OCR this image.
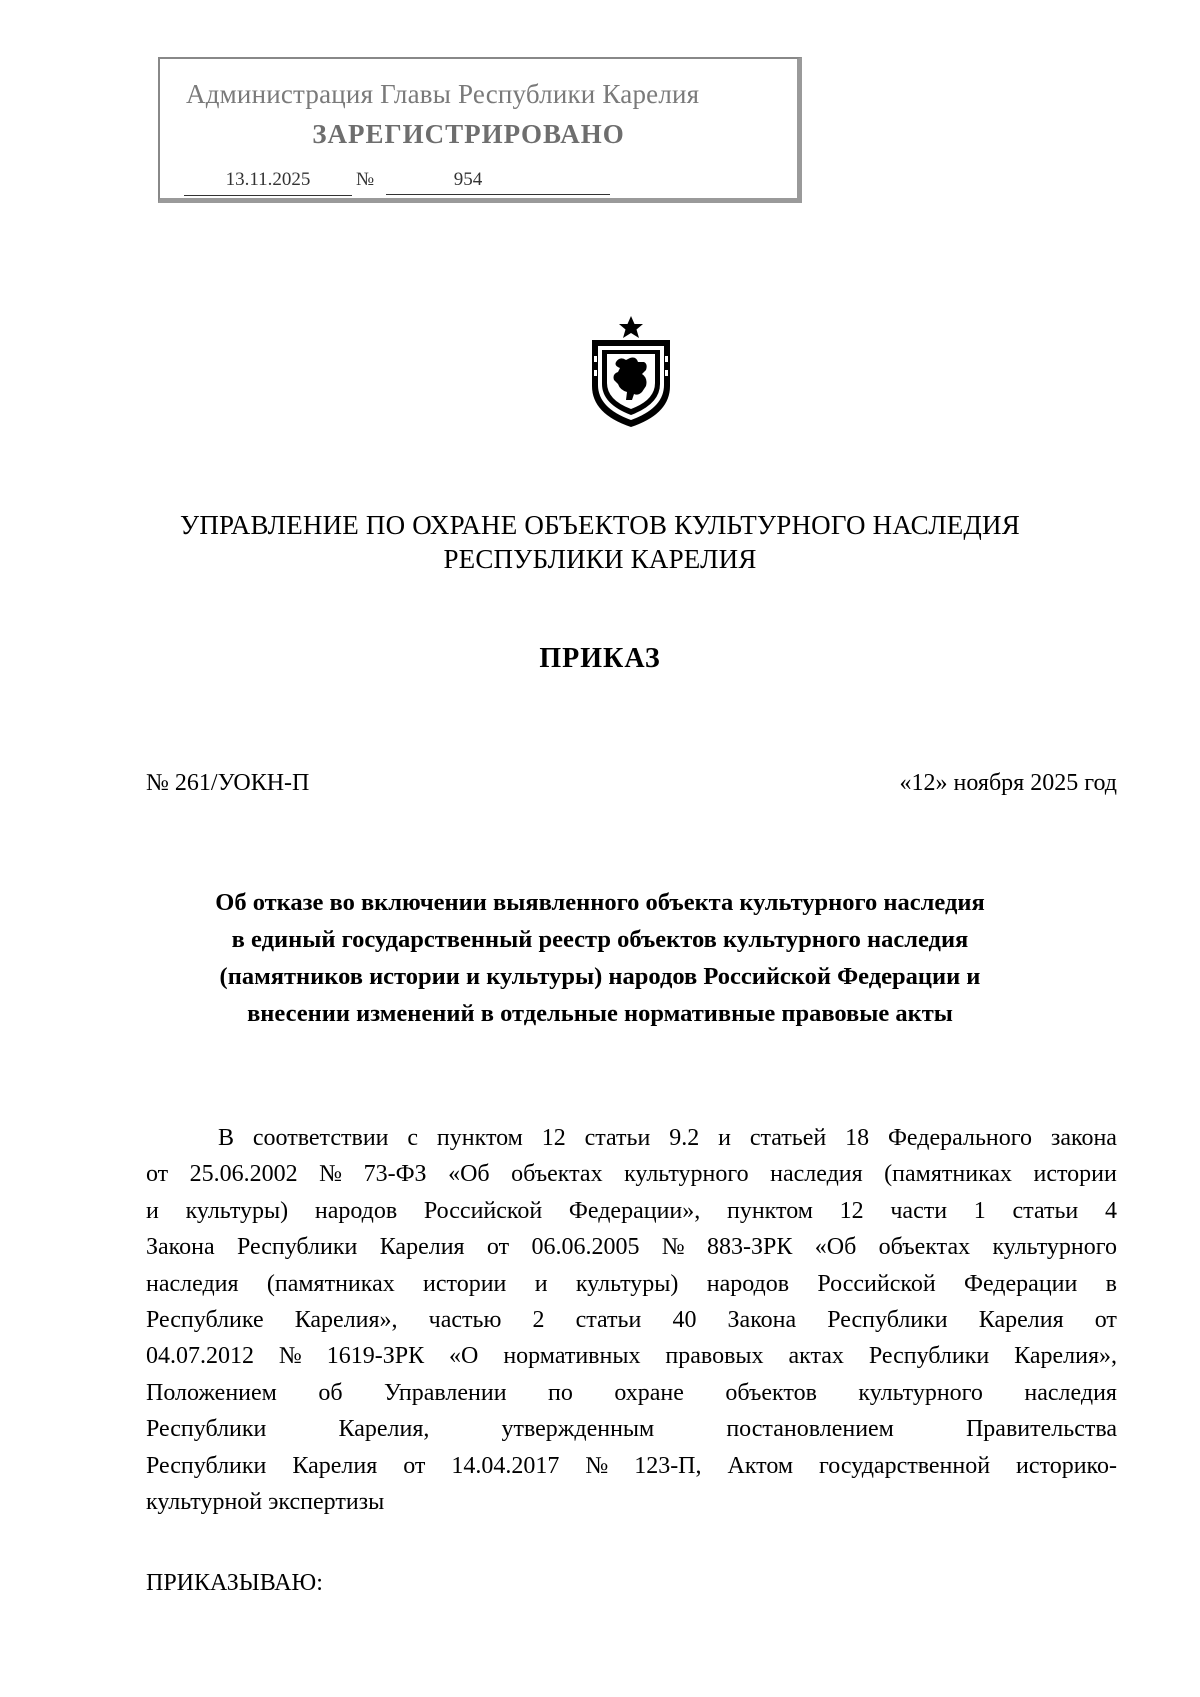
Администрация Главы Республики Карелия
ЗАРЕГИСТРИРОВАНО
13.11.2025	№	954
УПРАВЛЕНИЕ ПО ОХРАНЕ ОБЪЕКТОВ КУЛЬТУРНОГО НАСЛЕДИЯ
РЕСПУБЛИКИ КАРЕЛИЯ
ПРИКАЗ
№ 261/УОКН-П	«12» ноября 2025 год
Об отказе во включении выявленного объекта культурного наследия
в единый государственный реестр объектов культурного наследия
(памятников истории и культуры) народов Российской Федерации и
внесении изменений в отдельные нормативные правовые акты
В соответствии с пунктом 12 статьи 9.2 и статьей 18 Федерального закона
от 25.06.2002 № 73-ФЗ «Об объектах культурного наследия (памятниках истории
и культуры) народов Российской Федерации», пунктом 12 части 1 статьи 4
Закона Республики Карелия от 06.06.2005 № 883-ЗРК «Об объектах культурного
наследия (памятниках истории и культуры) народов Российской Федерации в
Республике Карелия», частью 2 статьи 40 Закона Республики Карелия от
04.07.2012 № 1619-ЗРК «О нормативных правовых актах Республики Карелия»,
Положением об Управлении по охране объектов культурного наследия
Республики	Карелия,	утвержденным	постановлением	Правительства
Республики Карелия от 14.04.2017 № 123-П, Актом государственной историко-
культурной экспертизы
ПРИКАЗЫВАЮ:
